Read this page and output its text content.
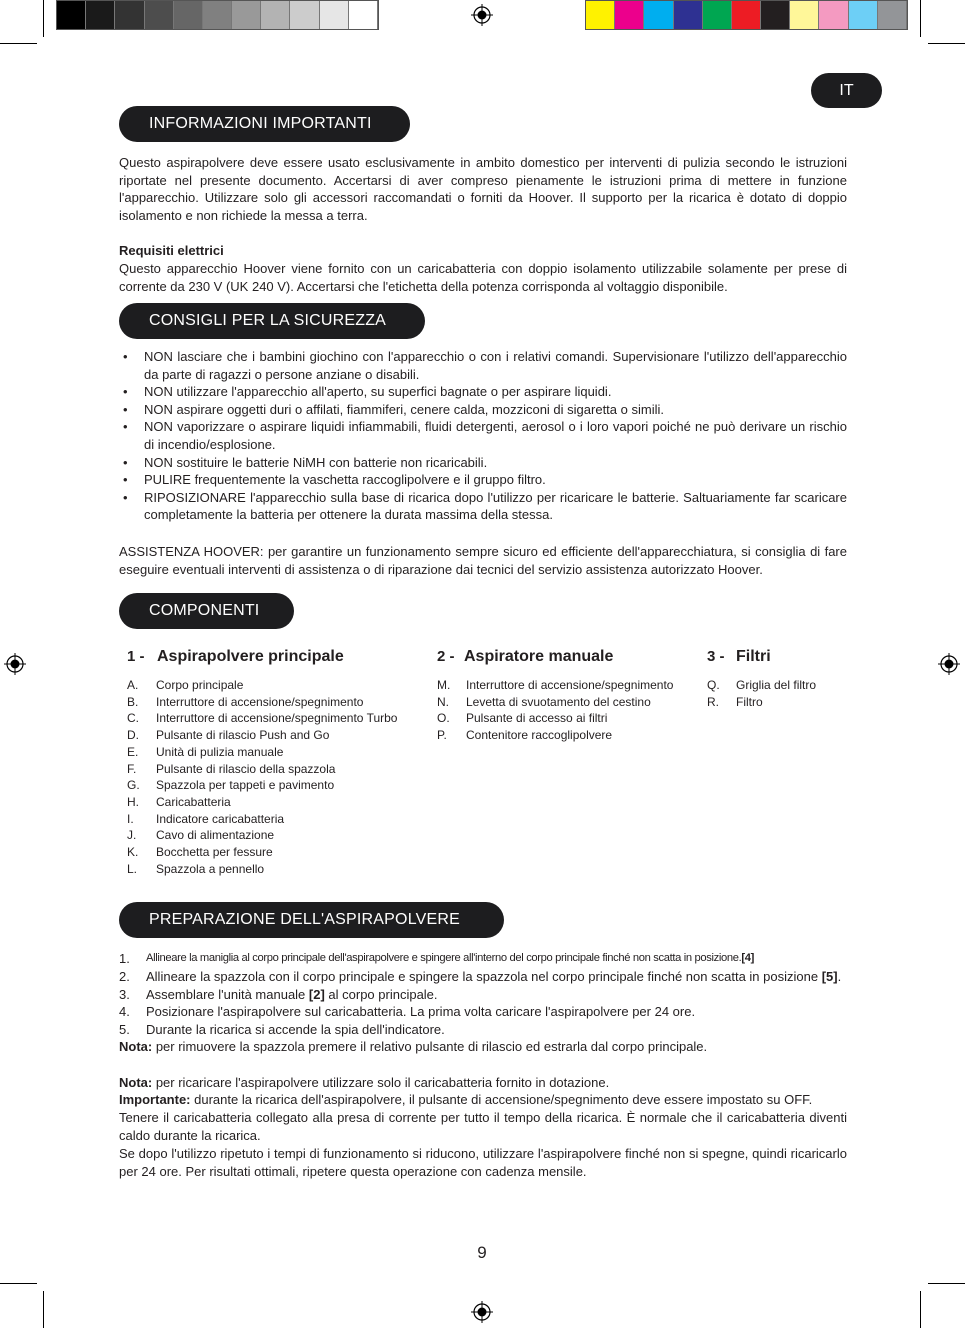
IT
INFORMAZIONI IMPORTANTI
Questo aspirapolvere deve essere usato esclusivamente in ambito domestico per interventi di pulizia secondo le istruzioni riportate nel presente documento. Accertarsi di aver compreso pienamente le istruzioni prima di mettere in funzione l'apparecchio. Utilizzare solo gli accessori raccomandati o forniti da Hoover. Il supporto per la ricarica è dotato di doppio isolamento e non richiede la messa a terra.
Requisiti elettrici
Questo apparecchio Hoover viene fornito con un caricabatteria con doppio isolamento utilizzabile solamente per prese di corrente da 230 V (UK 240 V). Accertarsi che l'etichetta della potenza corrisponda al voltaggio disponibile.
CONSIGLI PER LA SICUREZZA
• NON lasciare che i bambini giochino con l'apparecchio o con i relativi comandi. Supervisionare l'utilizzo dell'apparecchio da parte di ragazzi o persone anziane o disabili.
• NON utilizzare l'apparecchio all'aperto, su superfici bagnate o per aspirare liquidi.
• NON aspirare oggetti duri o affilati, fiammiferi, cenere calda, mozziconi di sigaretta o simili.
• NON vaporizzare o aspirare liquidi infiammabili, fluidi detergenti, aerosol o i loro vapori poiché ne può derivare un rischio di incendio/esplosione.
• NON sostituire le batterie NiMH con batterie non ricaricabili.
• PULIRE frequentemente la vaschetta raccoglipolvere e il gruppo filtro.
• RIPOSIZIONARE l'apparecchio sulla base di ricarica dopo l'utilizzo per ricaricare le batterie. Saltuariamente far scaricare completamente la batteria per ottenere la durata massima della stessa.
ASSISTENZA HOOVER: per garantire un funzionamento sempre sicuro ed efficiente dell'apparecchiatura, si consiglia di fare eseguire eventuali interventi di assistenza o di riparazione dai tecnici del servizio assistenza autorizzato Hoover.
COMPONENTI
1 - Aspirapolvere principale	2 - Aspiratore manuale	3 - Filtri
A.	Corpo principale
B.	Interruttore di accensione/spegnimento
C.	Interruttore di accensione/spegnimento Turbo
D.	Pulsante di rilascio Push and Go
E.	Unità di pulizia manuale
F.	Pulsante di rilascio della spazzola
G.	Spazzola per tappeti e pavimento
H.	Caricabatteria
I.	Indicatore caricabatteria
J.	Cavo di alimentazione
K.	Bocchetta per fessure
L.	Spazzola a pennello
M.	Interruttore di accensione/spegnimento
N.	Levetta di svuotamento del cestino
O.	Pulsante di accesso ai filtri
P.	Contenitore raccoglipolvere
Q.	Griglia del filtro
R.	Filtro
PREPARAZIONE DELL'ASPIRAPOLVERE
1.	Allineare la maniglia al corpo principale dell'aspirapolvere e spingere all'interno del corpo principale finché non scatta in posizione.[4]
2.	Allineare la spazzola con il corpo principale e spingere la spazzola nel corpo principale finché non scatta in posizione [5].
3.	Assemblare l'unità manuale [2] al corpo principale.
4.	Posizionare l'aspirapolvere sul caricabatteria. La prima volta caricare l'aspirapolvere per 24 ore.
5.	Durante la ricarica si accende la spia dell'indicatore.
Nota: per rimuovere la spazzola premere il relativo pulsante di rilascio ed estrarla dal corpo principale.
Nota: per ricaricare l'aspirapolvere utilizzare solo il caricabatteria fornito in dotazione.
Importante: durante la ricarica dell'aspirapolvere, il pulsante di accensione/spegnimento deve essere impostato su OFF.
Tenere il caricabatteria collegato alla presa di corrente per tutto il tempo della ricarica. È normale che il caricabatteria diventi caldo durante la ricarica.
Se dopo l'utilizzo ripetuto i tempi di funzionamento si riducono, utilizzare l'aspirapolvere finché non si spegne, quindi ricaricarlo per 24 ore. Per risultati ottimali, ripetere questa operazione con cadenza mensile.
9
